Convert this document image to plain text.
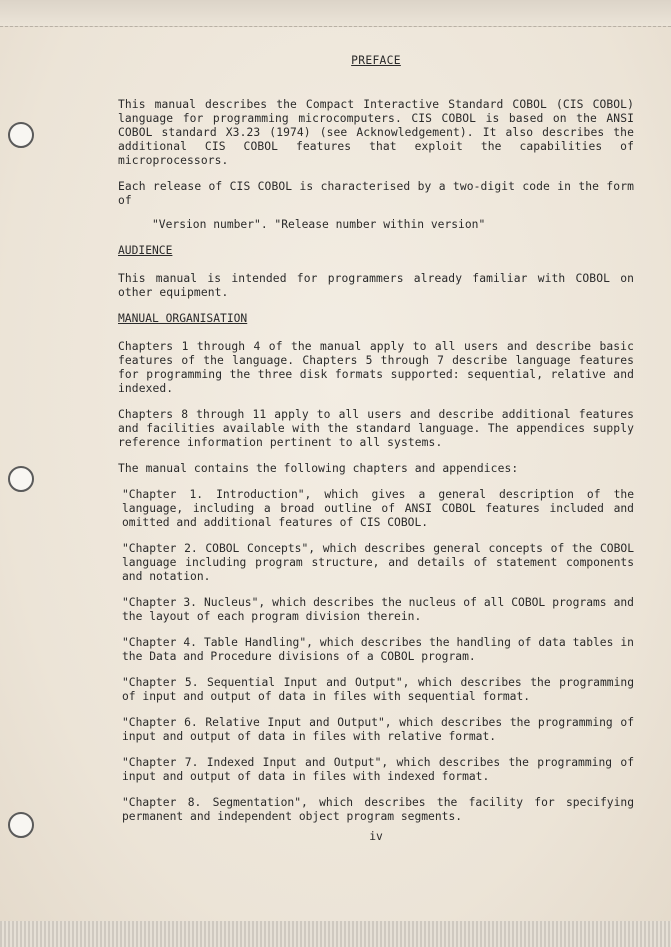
PREFACE

This manual describes the Compact Interactive Standard COBOL (CIS COBOL) language for programming microcomputers. CIS COBOL is based on the ANSI COBOL standard X3.23 (1974) (see Acknowledgement). It also describes the additional CIS COBOL features that exploit the capabilities of microprocessors.

Each release of CIS COBOL is characterised by a two-digit code in the form of

"Version number". "Release number within version"

AUDIENCE

This manual is intended for programmers already familiar with COBOL on other equipment.

MANUAL ORGANISATION

Chapters 1 through 4 of the manual apply to all users and describe basic features of the language. Chapters 5 through 7 describe language features for programming the three disk formats supported: sequential, relative and indexed.

Chapters 8 through 11 apply to all users and describe additional features and facilities available with the standard language. The appendices supply reference information pertinent to all systems.

The manual contains the following chapters and appendices:

"Chapter 1. Introduction", which gives a general description of the language, including a broad outline of ANSI COBOL features included and omitted and additional features of CIS COBOL.

"Chapter 2. COBOL Concepts", which describes general concepts of the COBOL language including program structure, and details of statement components and notation.

"Chapter 3. Nucleus", which describes the nucleus of all COBOL programs and the layout of each program division therein.

"Chapter 4. Table Handling", which describes the handling of data tables in the Data and Procedure divisions of a COBOL program.

"Chapter 5. Sequential Input and Output", which describes the programming of input and output of data in files with sequential format.

"Chapter 6. Relative Input and Output", which describes the programming of input and output of data in files with relative format.

"Chapter 7. Indexed Input and Output", which describes the programming of input and output of data in files with indexed format.

"Chapter 8. Segmentation", which describes the facility for specifying permanent and independent object program segments.

iv
